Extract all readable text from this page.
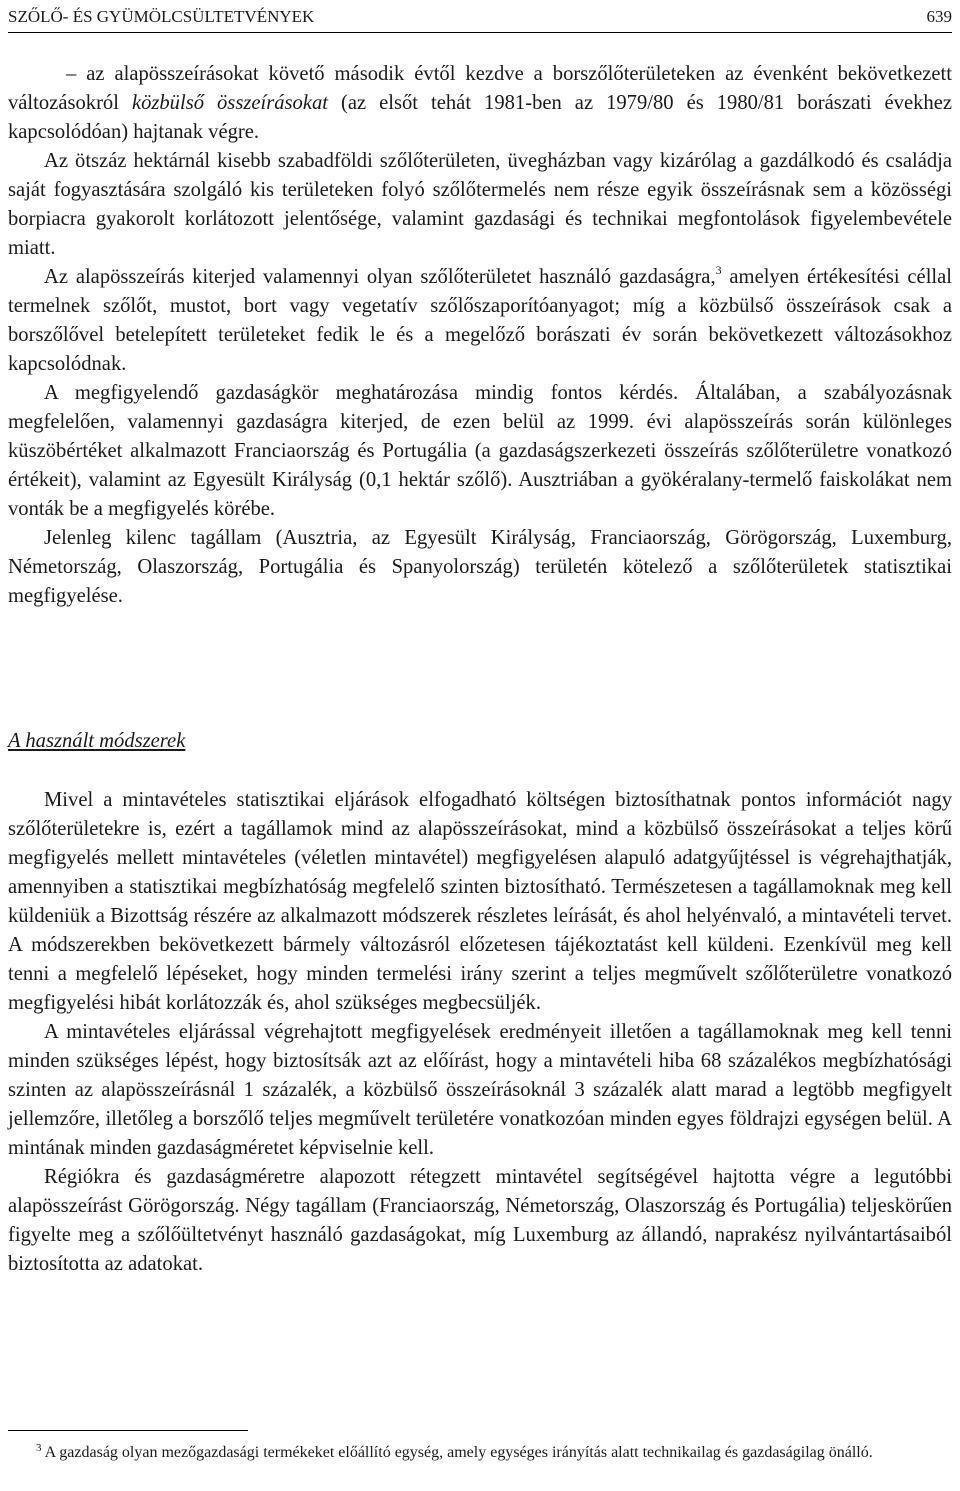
SZŐLŐ- ÉS GYÜMÖLCSÜLTETVÉNYEK	639

– az alapösszeírásokat követő második évtől kezdve a borszőlőterületeken az évenként bekövetkezett változásokról közbülső összeírásokat (az elsőt tehát 1981-ben az 1979/80 és 1980/81 borászati évekhez kapcsolódóan) hajtanak végre.

Az ötszáz hektárnál kisebb szabadföldi szőlőterületen, üvegházban vagy kizárólag a gazdálkodó és családja saját fogyasztására szolgáló kis területeken folyó szőlőtermelés nem része egyik összeírásnak sem a közösségi borpiacra gyakorolt korlátozott jelentősége, valamint gazdasági és technikai megfontolások figyelembevétele miatt.

Az alapösszeírás kiterjed valamennyi olyan szőlőterületet használó gazdaságra,$^3$ amelyen értékesítési céllal termelnek szőlőt, mustot, bort vagy vegetatív szőlőszaporítóanyagot; míg a közbülső összeírások csak a borszőlővel betelepített területeket fedik le és a megelőző borászati év során bekövetkezett változásokhoz kapcsolódnak.

A megfigyelendő gazdaságkör meghatározása mindig fontos kérdés. Általában, a szabályozásnak megfelelően, valamennyi gazdaságra kiterjed, de ezen belül az 1999. évi alapösszeírás során különleges küszöbértéket alkalmazott Franciaország és Portugália (a gazdaságszerkezeti összeírás szőlőterületre vonatkozó értékeit), valamint az Egyesült Királyság (0,1 hektár szőlő). Ausztriában a gyökéralany-termelő faiskolákat nem vonták be a megfigyelés körébe.

Jelenleg kilenc tagállam (Ausztria, az Egyesült Királyság, Franciaország, Görögország, Luxemburg, Németország, Olaszország, Portugália és Spanyolország) területén kötelező a szőlőterületek statisztikai megfigyelése.

A használt módszerek

Mivel a mintavételes statisztikai eljárások elfogadható költségen biztosíthatnak pontos információt nagy szőlőterületekre is, ezért a tagállamok mind az alapösszeírásokat, mind a közbülső összeírásokat a teljes körű megfigyelés mellett mintavételes (véletlen mintavétel) megfigyelésen alapuló adatgyűjtéssel is végrehajthatják, amennyiben a statisztikai megbízhatóság megfelelő szinten biztosítható. Természetesen a tagállamoknak meg kell küldeniük a Bizottság részére az alkalmazott módszerek részletes leírását, és ahol helyénvaló, a mintavételi tervet. A módszerekben bekövetkezett bármely változásról előzetesen tájékoztatást kell küldeni. Ezenkívül meg kell tenni a megfelelő lépéseket, hogy minden termelési irány szerint a teljes megművelt szőlőterületre vonatkozó megfigyelési hibát korlátozzák és, ahol szükséges megbecsüljék.

A mintavételes eljárással végrehajtott megfigyelések eredményeit illetően a tagállamoknak meg kell tenni minden szükséges lépést, hogy biztosítsák azt az előírást, hogy a mintavételi hiba 68 százalékos megbízhatósági szinten az alapösszeírásnál 1 százalék, a közbülső összeírásoknál 3 százalék alatt marad a legtöbb megfigyelt jellemzőre, illetőleg a borszőlő teljes megművelt területére vonatkozóan minden egyes földrajzi egységen belül. A mintának minden gazdaságméretet képviselnie kell.

Régiókra és gazdaságméretre alapozott rétegzett mintavétel segítségével hajtotta végre a legutóbbi alapösszeírást Görögország. Négy tagállam (Franciaország, Németország, Olaszország és Portugália) teljeskörűen figyelte meg a szőlőültetvényt használó gazdaságokat, míg Luxemburg az állandó, naprakész nyilvántartásaiból biztosította az adatokat.

$^3$ A gazdaság olyan mezőgazdasági termékeket előállító egység, amely egységes irányítás alatt technikailag és gazdaságilag önálló.
